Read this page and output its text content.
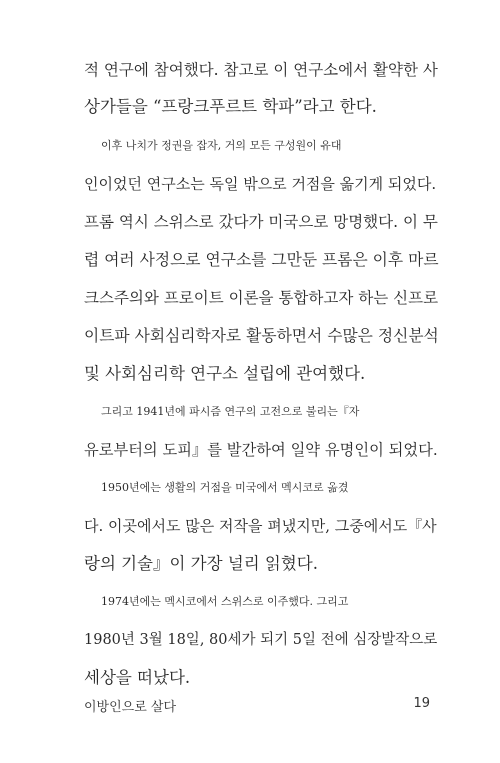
적 연구에 참여했다. 참고로 이 연구소에서 활약한 사
상가들을 “프랑크푸르트 학파”라고 한다.
이후 나치가 정권을 잡자, 거의 모든 구성원이 유대
인이었던 연구소는 독일 밖으로 거점을 옮기게 되었다.
프롬 역시 스위스로 갔다가 미국으로 망명했다. 이 무
렵 여러 사정으로 연구소를 그만둔 프롬은 이후 마르
크스주의와 프로이트 이론을 통합하고자 하는 신프로
이트파 사회심리학자로 활동하면서 수많은 정신분석
및 사회심리학 연구소 설립에 관여했다.
그리고 1941년에 파시즘 연구의 고전으로 불리는『자
유로부터의 도피』를 발간하여 일약 유명인이 되었다.
1950년에는 생활의 거점을 미국에서 멕시코로 옮겼
다. 이곳에서도 많은 저작을 펴냈지만, 그중에서도『사
랑의 기술』이 가장 널리 읽혔다.
1974년에는 멕시코에서 스위스로 이주했다. 그리고
1980년 3월 18일, 80세가 되기 5일 전에 심장발작으로
세상을 떠났다.
이방인으로 살다	19
